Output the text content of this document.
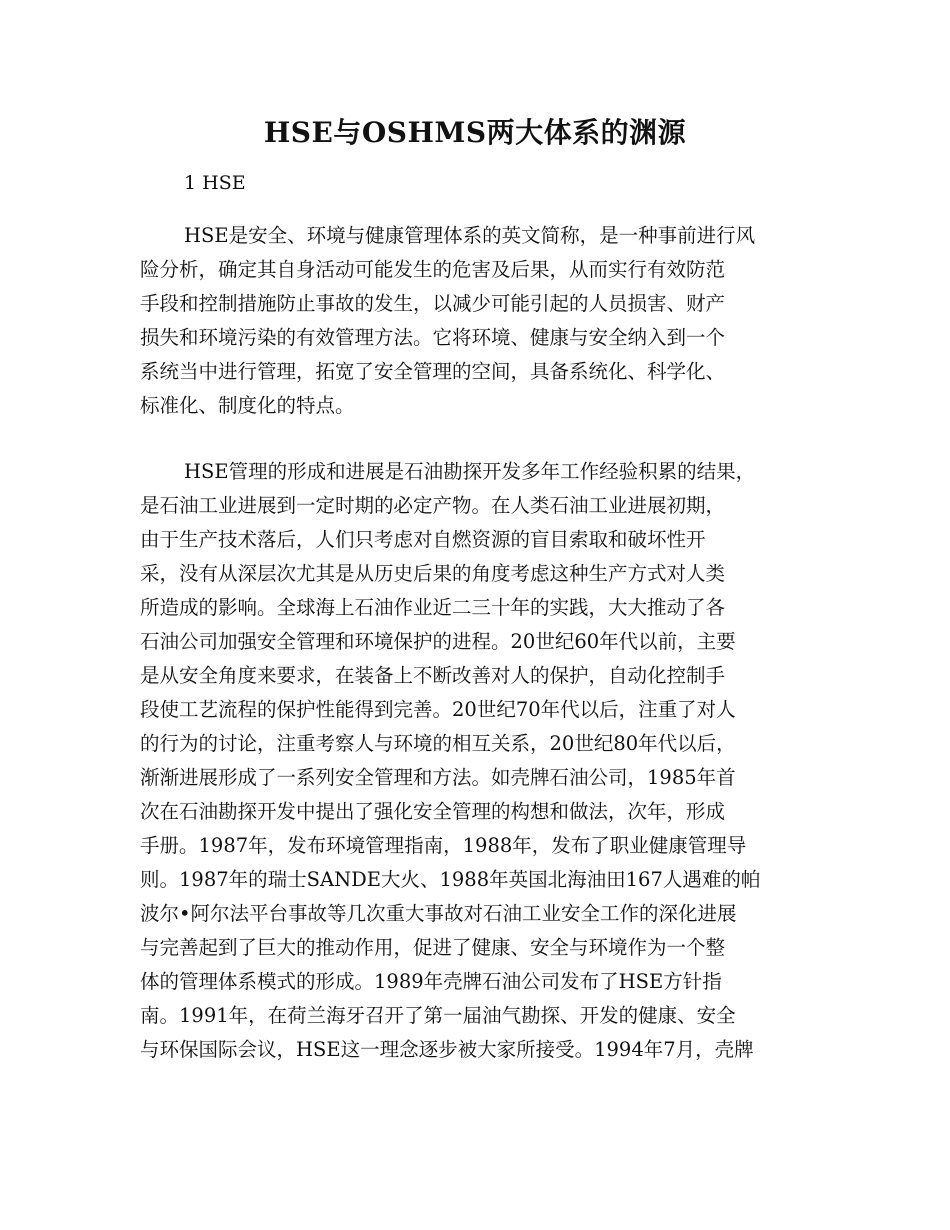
HSE与OSHMS两大体系的渊源
1 HSE
HSE是安全、环境与健康管理体系的英文简称，是一种事前进行风
险分析，确定其自身活动可能发生的危害及后果，从而实行有效防范
手段和控制措施防止事故的发生，以减少可能引起的人员损害、财产
损失和环境污染的有效管理方法。它将环境、健康与安全纳入到一个
系统当中进行管理，拓宽了安全管理的空间，具备系统化、科学化、
标准化、制度化的特点。
HSE管理的形成和进展是石油勘探开发多年工作经验积累的结果，
是石油工业进展到一定时期的必定产物。在人类石油工业进展初期，
由于生产技术落后，人们只考虑对自燃资源的盲目索取和破坏性开
采，没有从深层次尤其是从历史后果的角度考虑这种生产方式对人类
所造成的影响。全球海上石油作业近二三十年的实践，大大推动了各
石油公司加强安全管理和环境保护的进程。20世纪60年代以前，主要
是从安全角度来要求，在装备上不断改善对人的保护，自动化控制手
段使工艺流程的保护性能得到完善。20世纪70年代以后，注重了对人
的行为的讨论，注重考察人与环境的相互关系，20世纪80年代以后，
渐渐进展形成了一系列安全管理和方法。如壳牌石油公司，1985年首
次在石油勘探开发中提出了强化安全管理的构想和做法，次年，形成
手册。1987年，发布环境管理指南，1988年，发布了职业健康管理导
则。1987年的瑞士SANDE大火、1988年英国北海油田167人遇难的帕
波尔•阿尔法平台事故等几次重大事故对石油工业安全工作的深化进展
与完善起到了巨大的推动作用，促进了健康、安全与环境作为一个整
体的管理体系模式的形成。1989年壳牌石油公司发布了HSE方针指
南。1991年，在荷兰海牙召开了第一届油气勘探、开发的健康、安全
与环保国际会议，HSE这一理念逐步被大家所接受。1994年7月，壳牌
